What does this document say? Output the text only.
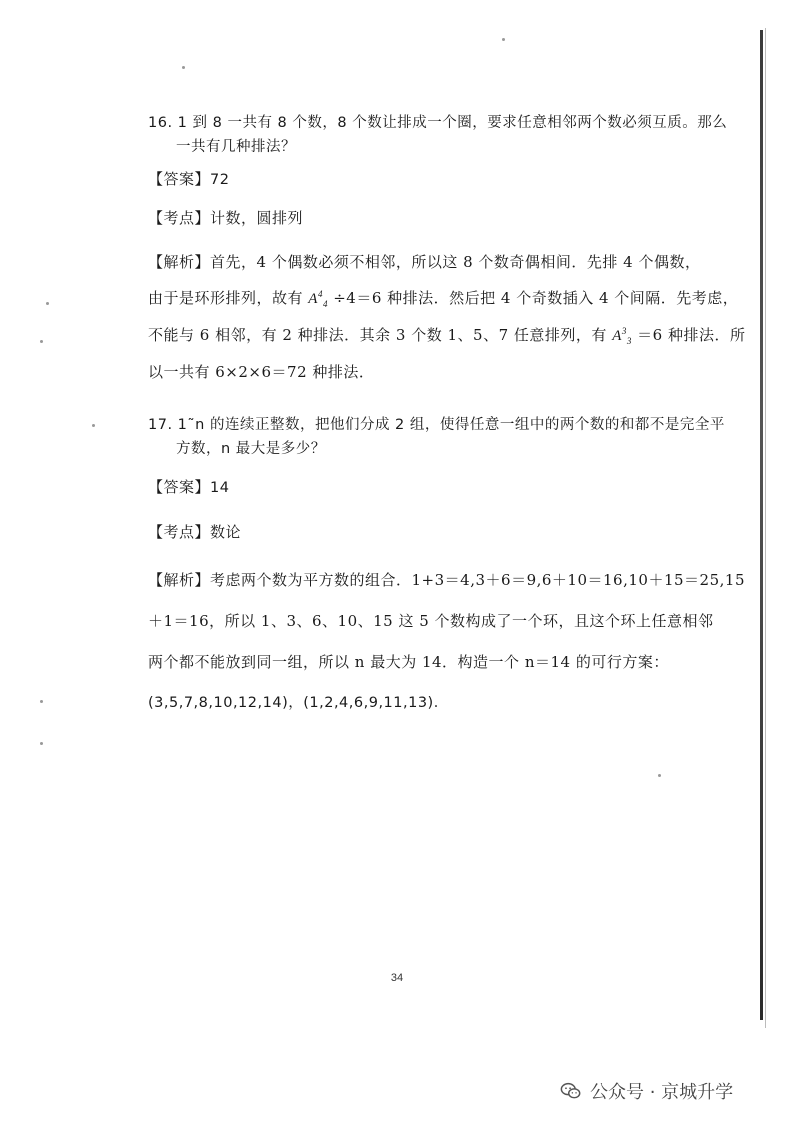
16. 1 到 8 一共有 8 个数，8 个数让排成一个圈，要求任意相邻两个数必须互质。那么
一共有几种排法？
【答案】72
【考点】计数，圆排列
【解析】首先，4 个偶数必须不相邻，所以这 8 个数奇偶相间．先排 4 个偶数，
由于是环形排列，故有 $A^4_4 \div 4=6$ 种排法．然后把 4 个奇数插入 4 个间隔．先考虑，
不能与 6 相邻，有 2 种排法．其余 3 个数 1、5、7 任意排列，有 $A^3_3 =6$ 种排法．所
以一共有 6×2×6＝72 种排法．
17. 1˜n 的连续正整数，把他们分成 2 组，使得任意一组中的两个数的和都不是完全平
方数，n 最大是多少？
【答案】14
【考点】数论
【解析】考虑两个数为平方数的组合．1+3＝4,3＋6＝9,6＋10＝16,10＋15＝25,15
＋1＝16，所以 1、3、6、10、15 这 5 个数构成了一个环，且这个环上任意相邻
两个都不能放到同一组，所以 n 最大为 14．构造一个 n＝14 的可行方案：
(3,5,7,8,10,12,14)，(1,2,4,6,9,11,13)．
34
公众号 · 京城升学
